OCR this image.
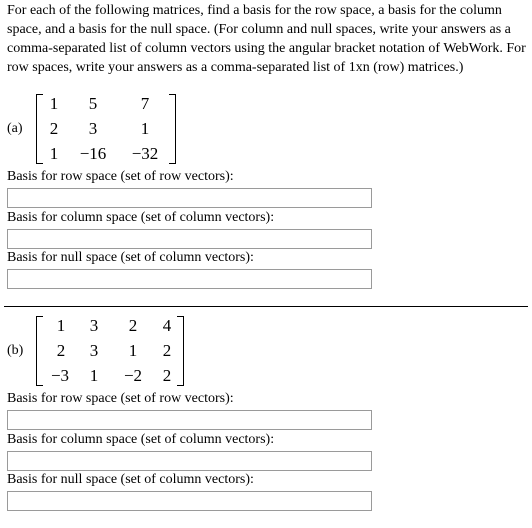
For each of the following matrices, find a basis for the row space, a basis for the column space, and a basis for the null space. (For column and null spaces, write your answers as a comma-separated list of column vectors using the angular bracket notation of WebWork. For row spaces, write your answers as a comma-separated list of 1xn (row) matrices.)

(a)
1	5	7
2	3	1
1	−16	−32
Basis for row space (set of row vectors):
Basis for column space (set of column vectors):
Basis for null space (set of column vectors):
(b)
1	3	2	4
2	3	1	2
−3	1	−2	2
Basis for row space (set of row vectors):
Basis for column space (set of column vectors):
Basis for null space (set of column vectors):
